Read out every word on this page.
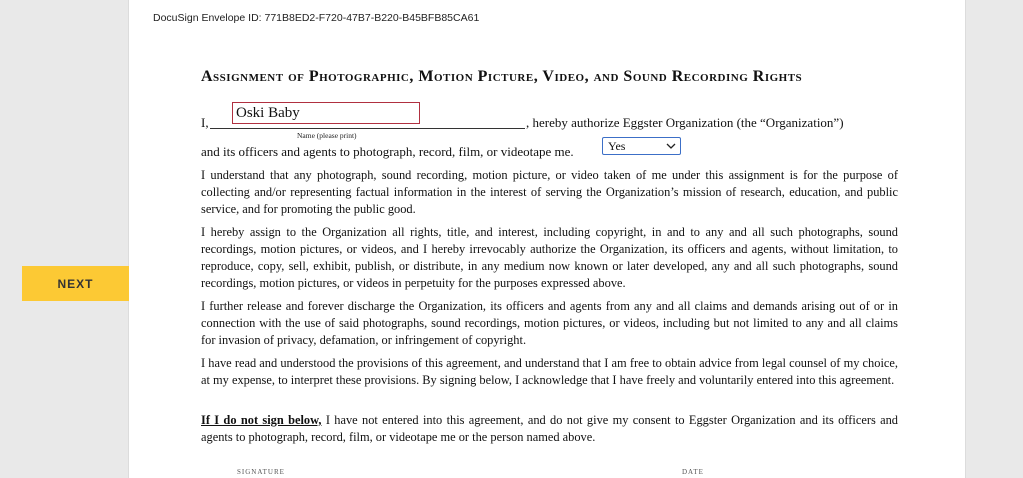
DocuSign Envelope ID: 771B8ED2-F720-47B7-B220-B45BFB85CA61
Assignment of Photographic, Motion Picture, Video, and Sound Recording Rights
I,
Oski Baby	, hereby authorize Eggster Organization (the “Organization”)
Name (please print)
and its officers and agents to photograph, record, film, or videotape me.	Yes

I understand that any photograph, sound recording, motion picture, or video taken of me under this assignment is for the purpose of collecting and/or representing factual information in the interest of serving the Organization’s mission of research, education, and public service, and for promoting the public good.

I hereby assign to the Organization all rights, title, and interest, including copyright, in and to any and all such photographs, sound recordings, motion pictures, or videos, and I hereby irrevocably authorize the Organization, its officers and agents, without limitation, to reproduce, copy, sell, exhibit, publish, or distribute, in any medium now known or later developed, any and all such photographs, sound recordings, motion pictures, or videos in perpetuity for the purposes expressed above.

I further release and forever discharge the Organization, its officers and agents from any and all claims and demands arising out of or in connection with the use of said photographs, sound recordings, motion pictures, or videos, including but not limited to any and all claims for invasion of privacy, defamation, or infringement of copyright.

I have read and understood the provisions of this agreement, and understand that I am free to obtain advice from legal counsel of my choice, at my expense, to interpret these provisions. By signing below, I acknowledge that I have freely and voluntarily entered into this agreement.

If I do not sign below, I have not entered into this agreement, and do not give my consent to Eggster Organization and its officers and agents to photograph, record, film, or videotape me or the person named above.

SIGNATURE	DATE
NEXT
